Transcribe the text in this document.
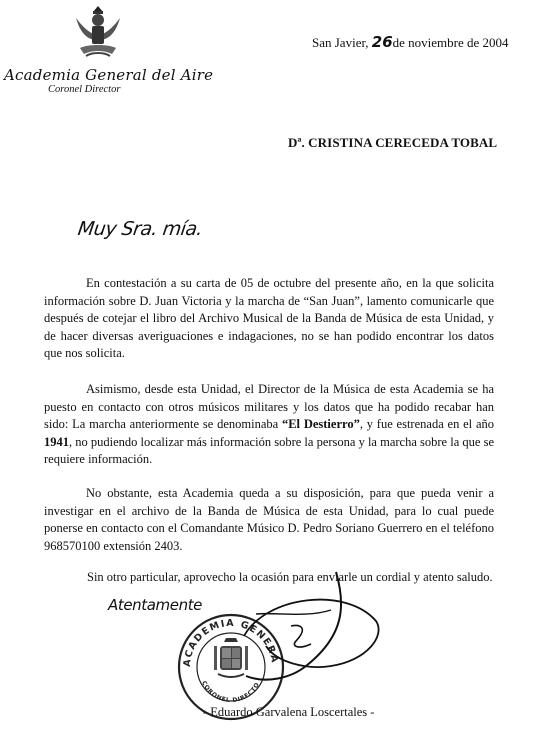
Academia General del Aire
Coronel Director
San Javier, 26de noviembre de 2004
Dª. CRISTINA CERECEDA TOBAL
Muy Sra. mía.

En contestación a su carta de 05 de octubre del presente año, en la que solicita información sobre D. Juan Victoria y la marcha de “San Juan”, lamento comunicarle que después de cotejar el libro del Archivo Musical de la Banda de Música de esta Unidad, y de hacer diversas averiguaciones e indagaciones, no se han podido encontrar los datos que nos solicita.

Asimismo, desde esta Unidad, el Director de la Música de esta Academia se ha puesto en contacto con otros músicos militares y los datos que ha podido recabar han sido: La marcha anteriormente se denominaba “El Destierro”, y fue estrenada en el año 1941, no pudiendo localizar más información sobre la persona y la marcha sobre la que se requiere información.

No obstante, esta Academia queda a su disposición, para que pueda venir a investigar en el archivo de la Banda de Música de esta Unidad, para lo cual puede ponerse en contacto con el Comandante Músico D. Pedro Soriano Guerrero en el teléfono 968570100 extensión 2403.

Sin otro particular, aprovecho la ocasión para enviarle un cordial y atento saludo.
Atentamente
ACADEMIA GENERA
CORONEL DIRECTO
- Eduardo Garvalena Loscertales -
